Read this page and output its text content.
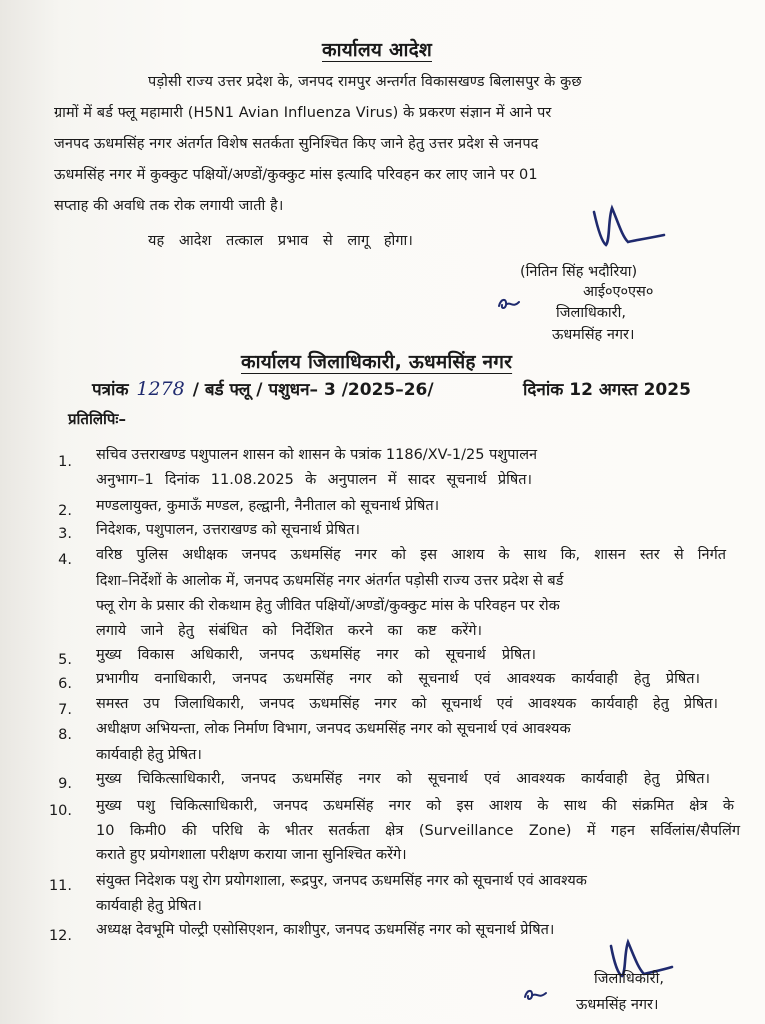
कार्यालय आदेश
पड़ोसी राज्य उत्तर प्रदेश के, जनपद रामपुर अन्तर्गत विकासखण्ड बिलासपुर के कुछ
ग्रामों में बर्ड फ्लू महामारी (H5N1 Avian Influenza Virus) के प्रकरण संज्ञान में आने पर
जनपद ऊधमसिंह नगर अंतर्गत विशेष सतर्कता सुनिश्चित किए जाने हेतु उत्तर प्रदेश से जनपद
ऊधमसिंह नगर में कुक्कुट पक्षियों/अण्डों/कुक्कुट मांस इत्यादि परिवहन कर लाए जाने पर 01
सप्ताह की अवधि तक रोक लगायी जाती है।
यह आदेश तत्काल प्रभाव से लागू होगा।
(नितिन सिंह भदौरिया)
आई०ए०एस०
जिलाधिकारी,
ऊधमसिंह नगर।
कार्यालय जिलाधिकारी, ऊधमसिंह नगर
पत्रांक 1278 / बर्ड फ्लू / पशुधन– 3 /2025–26/	दिनांक 12 अगस्त 2025
प्रतिलिपिः–
1. सचिव उत्तराखण्ड पशुपालन शासन को शासन के पत्रांक 1186/XV-1/25 पशुपालन
अनुभाग–1 दिनांक 11.08.2025 के अनुपालन में सादर सूचनार्थ प्रेषित।
2. मण्डलायुक्त, कुमाऊँ मण्डल, हल्द्वानी, नैनीताल को सूचनार्थ प्रेषित।
3. निदेशक, पशुपालन, उत्तराखण्ड को सूचनार्थ प्रेषित।
4. वरिष्ठ पुलिस अधीक्षक जनपद ऊधमसिंह नगर को इस आशय के साथ कि, शासन स्तर से निर्गत
दिशा–निर्देशों के आलोक में, जनपद ऊधमसिंह नगर अंतर्गत पड़ोसी राज्य उत्तर प्रदेश से बर्ड
फ्लू रोग के प्रसार की रोकथाम हेतु जीवित पक्षियों/अण्डों/कुक्कुट मांस के परिवहन पर रोक
लगाये जाने हेतु संबंधित को निर्देशित करने का कष्ट करेंगे।
5. मुख्य विकास अधिकारी, जनपद ऊधमसिंह नगर को सूचनार्थ प्रेषित।
6. प्रभागीय वनाधिकारी, जनपद ऊधमसिंह नगर को सूचनार्थ एवं आवश्यक कार्यवाही हेतु प्रेषित।
7. समस्त उप जिलाधिकारी, जनपद ऊधमसिंह नगर को सूचनार्थ एवं आवश्यक कार्यवाही हेतु प्रेषित।
8. अधीक्षण अभियन्ता, लोक निर्माण विभाग, जनपद ऊधमसिंह नगर को सूचनार्थ एवं आवश्यक
कार्यवाही हेतु प्रेषित।
9. मुख्य चिकित्साधिकारी, जनपद ऊधमसिंह नगर को सूचनार्थ एवं आवश्यक कार्यवाही हेतु प्रेषित।
10. मुख्य पशु चिकित्साधिकारी, जनपद ऊधमसिंह नगर को इस आशय के साथ की संक्रमित क्षेत्र के
10 किमी0 की परिधि के भीतर सतर्कता क्षेत्र (Surveillance Zone) में गहन सर्विलांस/सैपलिंग
कराते हुए प्रयोगशाला परीक्षण कराया जाना सुनिश्चित करेंगे।
11. संयुक्त निदेशक पशु रोग प्रयोगशाला, रूद्रपुर, जनपद ऊधमसिंह नगर को सूचनार्थ एवं आवश्यक
कार्यवाही हेतु प्रेषित।
12. अध्यक्ष देवभूमि पोल्ट्री एसोसिएशन, काशीपुर, जनपद ऊधमसिंह नगर को सूचनार्थ प्रेषित।
जिलाधिकारी,
ऊधमसिंह नगर।
